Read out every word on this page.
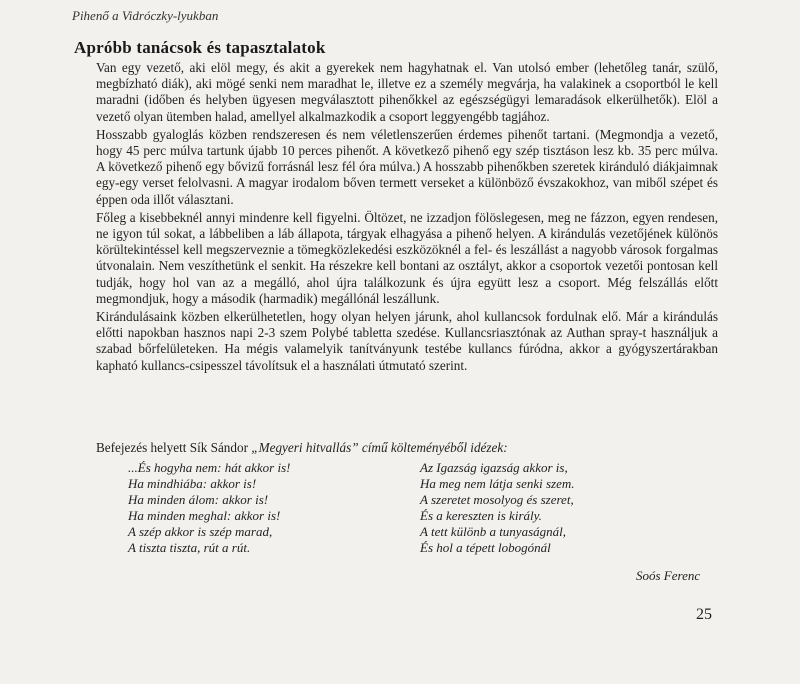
Pihenő a Vidróczky-lyukban
Apróbb tanácsok és tapasztalatok

Van egy vezető, aki elöl megy, és akit a gyerekek nem hagyhatnak el. Van utolsó ember (lehetőleg tanár, szülő, megbízható diák), aki mögé senki nem maradhat le, illetve ez a személy megvárja, ha valakinek a csoportból le kell maradni (időben és helyben ügyesen megválasztott pihenőkkel az egészségügyi lemaradások elkerülhetők). Elöl a vezető olyan ütemben halad, amellyel alkalmazkodik a csoport leggyengébb tagjához.

Hosszabb gyaloglás közben rendszeresen és nem véletlenszerűen érdemes pihenőt tartani. (Megmondja a vezető, hogy 45 perc múlva tartunk újabb 10 perces pihenőt. A következő pihenő egy szép tisztáson lesz kb. 35 perc múlva. A következő pihenő egy bővizű forrásnál lesz fél óra múlva.) A hosszabb pihenőkben szeretek kiránduló diákjaimnak egy-egy verset felolvasni. A magyar irodalom bőven termett verseket a különböző évszakokhoz, van miből szépet és éppen oda illőt választani.

Főleg a kisebbeknél annyi mindenre kell figyelni. Öltözet, ne izzadjon fölöslegesen, meg ne fázzon, egyen rendesen, ne igyon túl sokat, a lábbeliben a láb állapota, tárgyak elhagyása a pihenő helyen. A kirándulás vezetőjének különös körültekintéssel kell megszerveznie a tömegközlekedési eszközöknél a fel- és leszállást a nagyobb városok forgalmas útvonalain. Nem veszíthetünk el senkit. Ha részekre kell bontani az osztályt, akkor a csoportok vezetői pontosan kell tudják, hogy hol van az a megálló, ahol újra találkozunk és újra együtt lesz a csoport. Még felszállás előtt megmondjuk, hogy a második (harmadik) megállónál leszállunk.

Kirándulásaink közben elkerülhetetlen, hogy olyan helyen járunk, ahol kullancsok fordulnak elő. Már a kirándulás előtti napokban hasznos napi 2-3 szem Polybé tabletta szedése. Kullancsriasztónak az Authan spray-t használjuk a szabad bőrfelületeken. Ha mégis valamelyik tanítványunk testébe kullancs fúródna, akkor a gyógyszertárakban kapható kullancs-csipesszel távolítsuk el a használati útmutató szerint.

Befejezés helyett Sík Sándor „Megyeri hitvallás” című költeményéből idézek:
...És hogyha nem: hát akkor is!
Ha mindhiába: akkor is!
Ha minden álom: akkor is!
Ha minden meghal: akkor is!
A szép akkor is szép marad,
A tiszta tiszta, rút a rút.
Az Igazság igazság akkor is,
Ha meg nem látja senki szem.
A szeretet mosolyog és szeret,
És a kereszten is király.
A tett különb a tunyaságnál,
És hol a tépett lobogónál
Soós Ferenc
25
